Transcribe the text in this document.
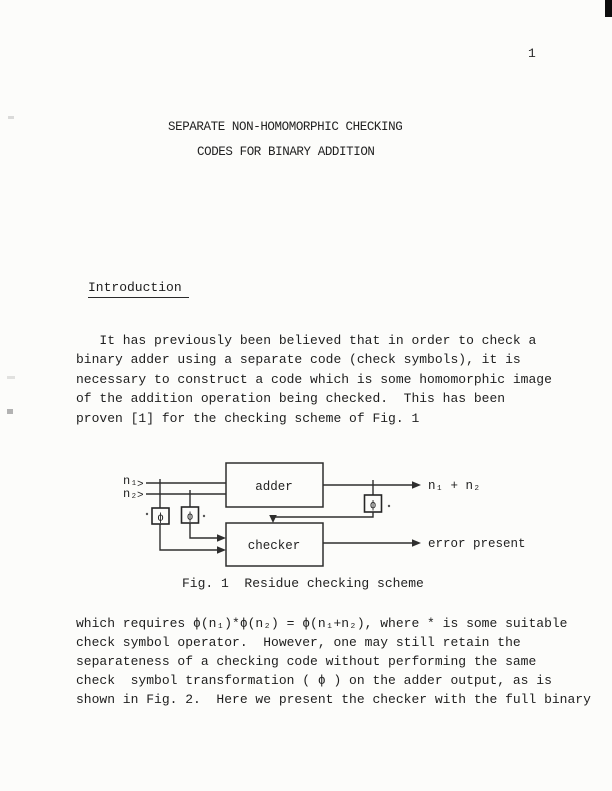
1
SEPARATE NON-HOMOMORPHIC CHECKING
CODES FOR BINARY ADDITION
Introduction
It has previously been believed that in order to check a
binary adder using a separate code (check symbols), it is
necessary to construct a code which is some homomorphic image
of the addition operation being checked.  This has been
proven [1] for the checking scheme of Fig. 1
n₁
n₂
>
>
adder	n₁ + n₂
ϕ ϕ
ϕ
checker	error present
Fig. 1  Residue checking scheme
which requires ϕ(n₁)*ϕ(n₂) = ϕ(n₁+n₂), where * is some suitable
check symbol operator.  However, one may still retain the
separateness of a checking code without performing the same
check  symbol transformation ( ϕ ) on the adder output, as is
shown in Fig. 2.  Here we present the checker with the full binary
